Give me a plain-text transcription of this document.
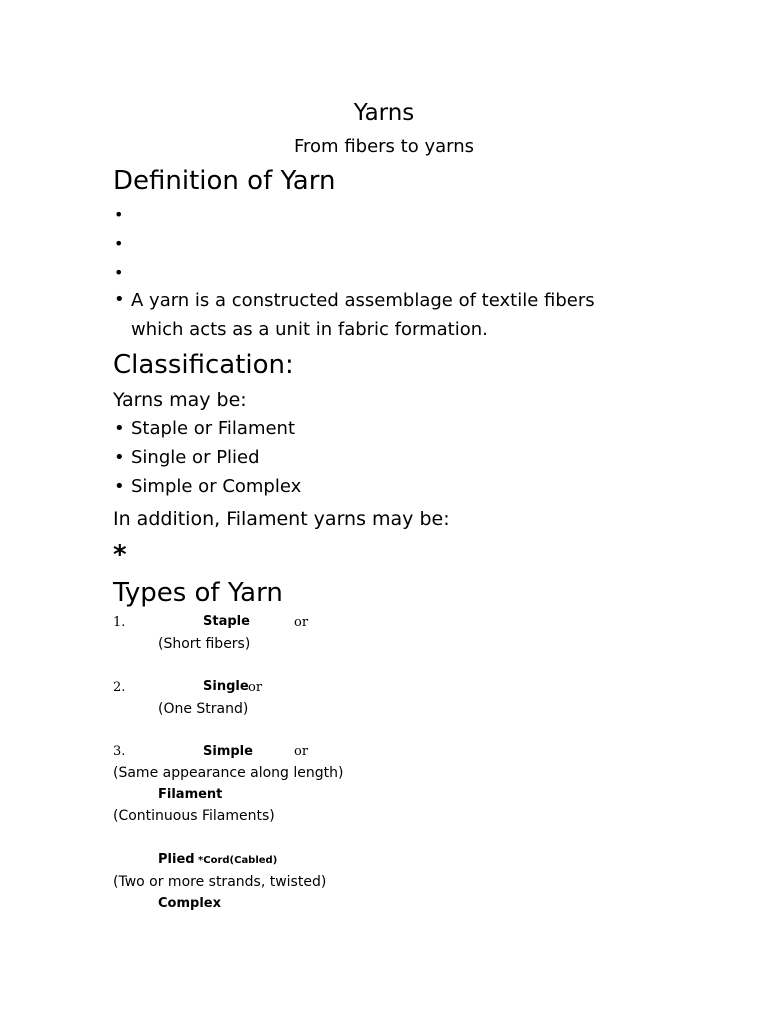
Yarns
From fibers to yarns
Definition of Yarn
•
•
•
• A yarn is a constructed assemblage of textile fibers
which acts as a unit in fabric formation.
Classification:
Yarns may be:
• Staple or Filament
• Single or Plied
• Simple or Complex
In addition, Filament yarns may be:
*
Types of Yarn
1.	Staple	or
(Short fibers)
2.	Single or
(One Strand)
3.	Simple	or
(Same appearance along length)
Filament
(Continuous Filaments)
Plied *Cord(Cabled)
(Two or more strands, twisted)
Complex
